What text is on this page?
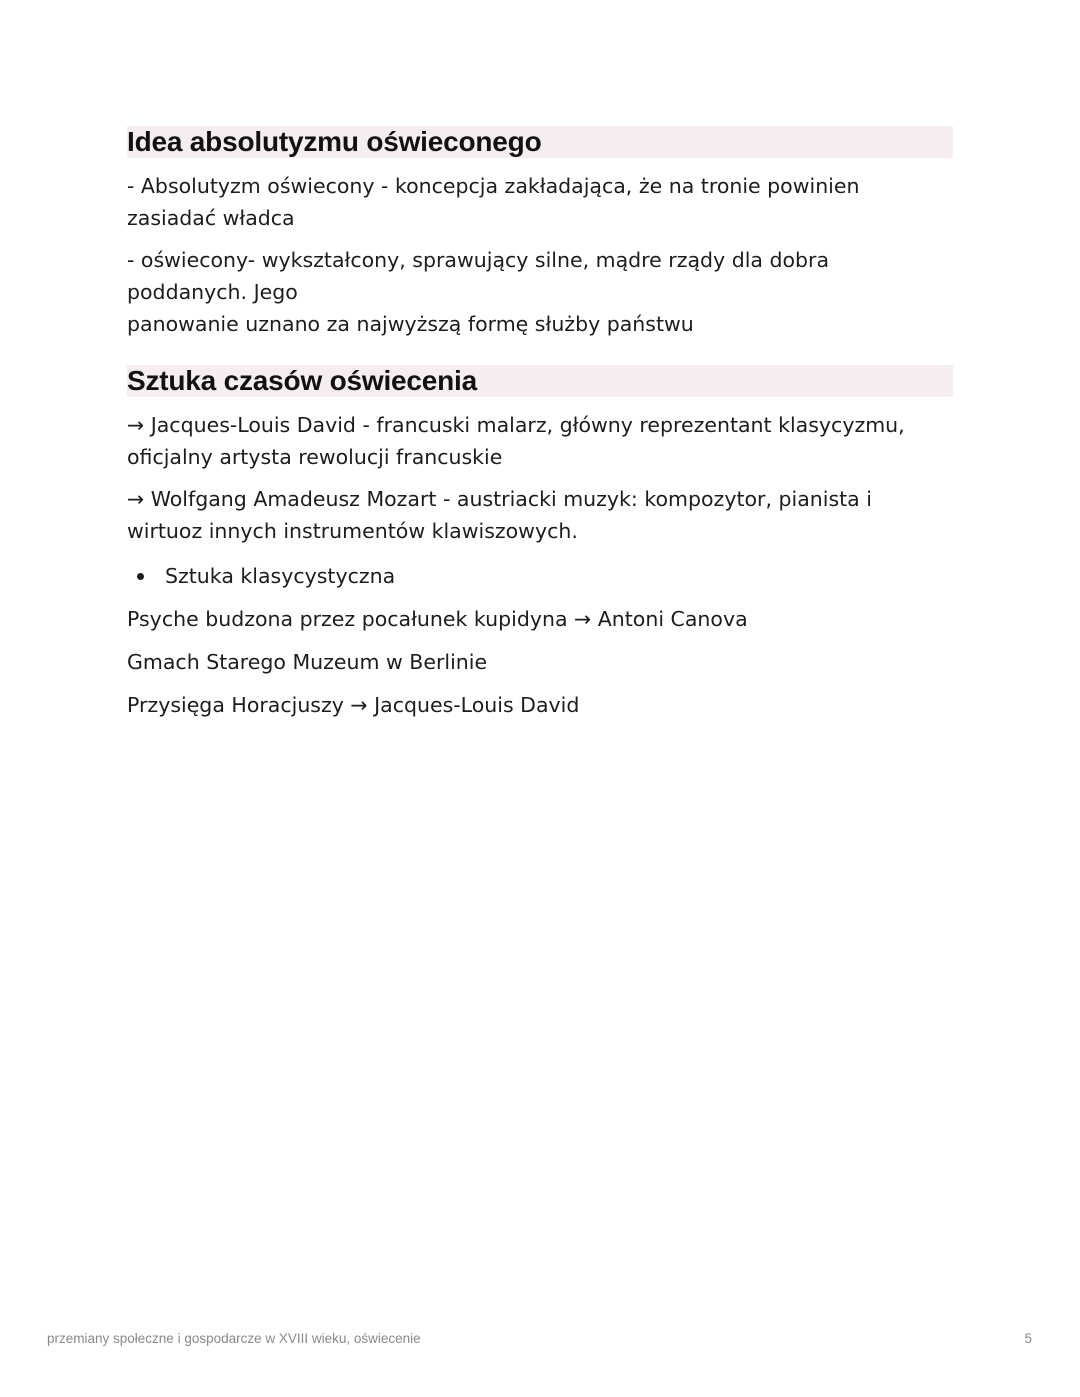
Idea absolutyzmu oświeconego

- Absolutyzm oświecony - koncepcja zakładająca, że na tronie powinien zasiadać władca

- oświecony- wykształcony, sprawujący silne, mądre rządy dla dobra poddanych. Jego

panowanie uznano za najwyższą formę służby państwu

Sztuka czasów oświecenia

→ Jacques-Louis David - francuski malarz, główny reprezentant klasycyzmu, oficjalny artysta rewolucji francuskie

→ Wolfgang Amadeusz Mozart - austriacki muzyk: kompozytor, pianista i wirtuoz innych instrumentów klawiszowych.

Sztuka klasycystyczna
Psyche budzona przez pocałunek kupidyna → Antoni Canova
Gmach Starego Muzeum w Berlinie
Przysięga Horacjuszy → Jacques-Louis David
przemiany społeczne i gospodarcze w XVIII wieku, oświecenie	5
